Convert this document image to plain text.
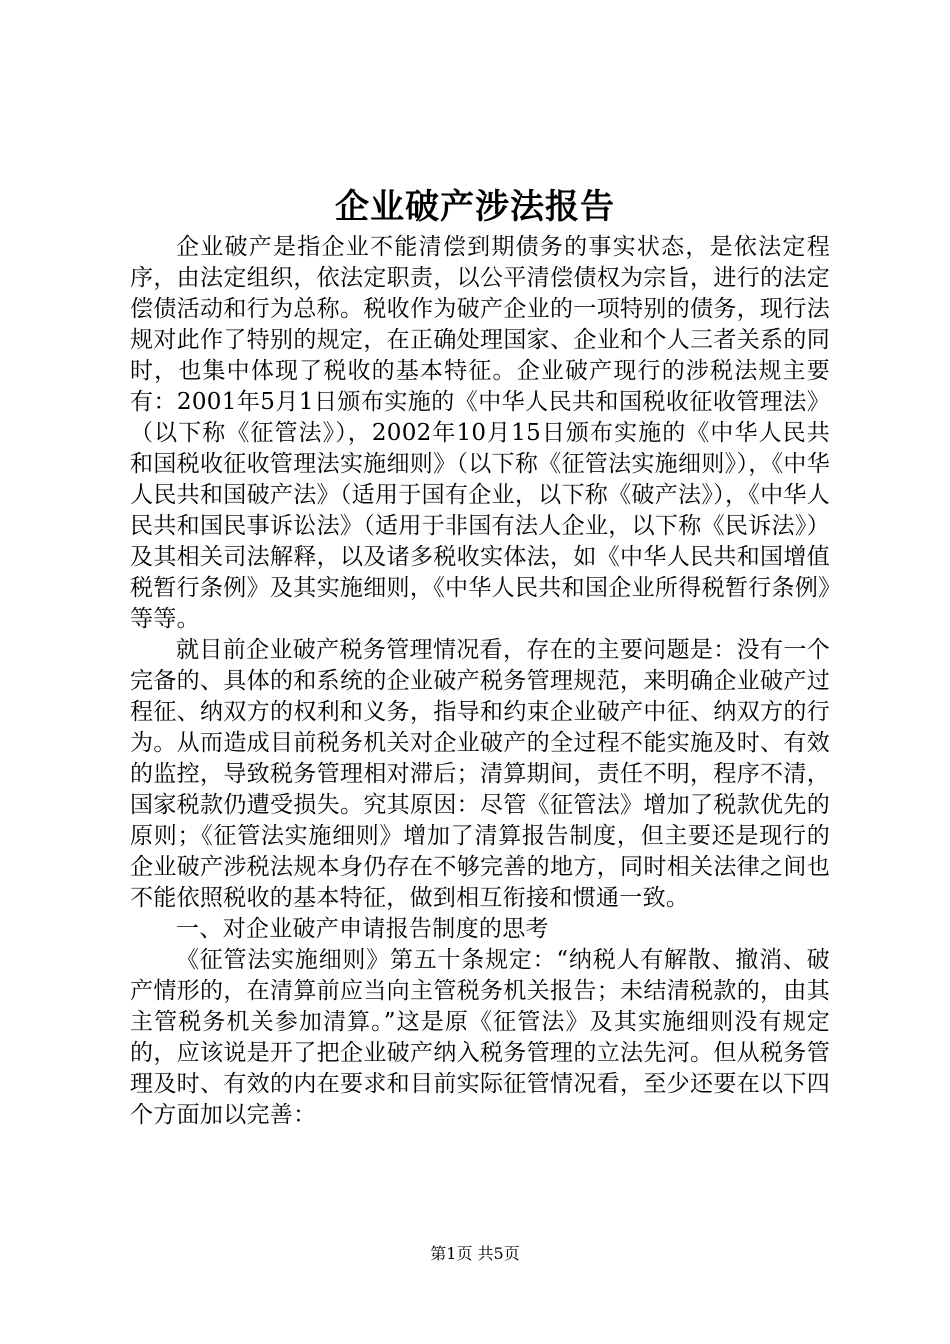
企业破产涉法报告

企业破产是指企业不能清偿到期债务的事实状态，是依法定程序，由法定组织，依法定职责，以公平清偿债权为宗旨，进行的法定偿债活动和行为总称。税收作为破产企业的一项特别的债务，现行法规对此作了特别的规定，在正确处理国家、企业和个人三者关系的同时，也集中体现了税收的基本特征。企业破产现行的涉税法规主要有：2001年5月1日颁布实施的《中华人民共和国税收征收管理法》（以下称《征管法》），2002年10月15日颁布实施的《中华人民共和国税收征收管理法实施细则》（以下称《征管法实施细则》），《中华人民共和国破产法》（适用于国有企业，以下称《破产法》），《中华人民共和国民事诉讼法》（适用于非国有法人企业，以下称《民诉法》）及其相关司法解释，以及诸多税收实体法，如《中华人民共和国增值税暂行条例》及其实施细则，《中华人民共和国企业所得税暂行条例》等等。

就目前企业破产税务管理情况看，存在的主要问题是：没有一个完备的、具体的和系统的企业破产税务管理规范，来明确企业破产过程征、纳双方的权利和义务，指导和约束企业破产中征、纳双方的行为。从而造成目前税务机关对企业破产的全过程不能实施及时、有效的监控，导致税务管理相对滞后；清算期间，责任不明，程序不清，国家税款仍遭受损失。究其原因：尽管《征管法》增加了税款优先的原则；《征管法实施细则》增加了清算报告制度，但主要还是现行的企业破产涉税法规本身仍存在不够完善的地方，同时相关法律之间也不能依照税收的基本特征，做到相互衔接和惯通一致。

一、对企业破产申请报告制度的思考

《征管法实施细则》第五十条规定：“纳税人有解散、撤消、破产情形的，在清算前应当向主管税务机关报告；未结清税款的，由其主管税务机关参加清算。”这是原《征管法》及其实施细则没有规定的，应该说是开了把企业破产纳入税务管理的立法先河。但从税务管理及时、有效的内在要求和目前实际征管情况看，至少还要在以下四个方面加以完善：

第1页 共5页
